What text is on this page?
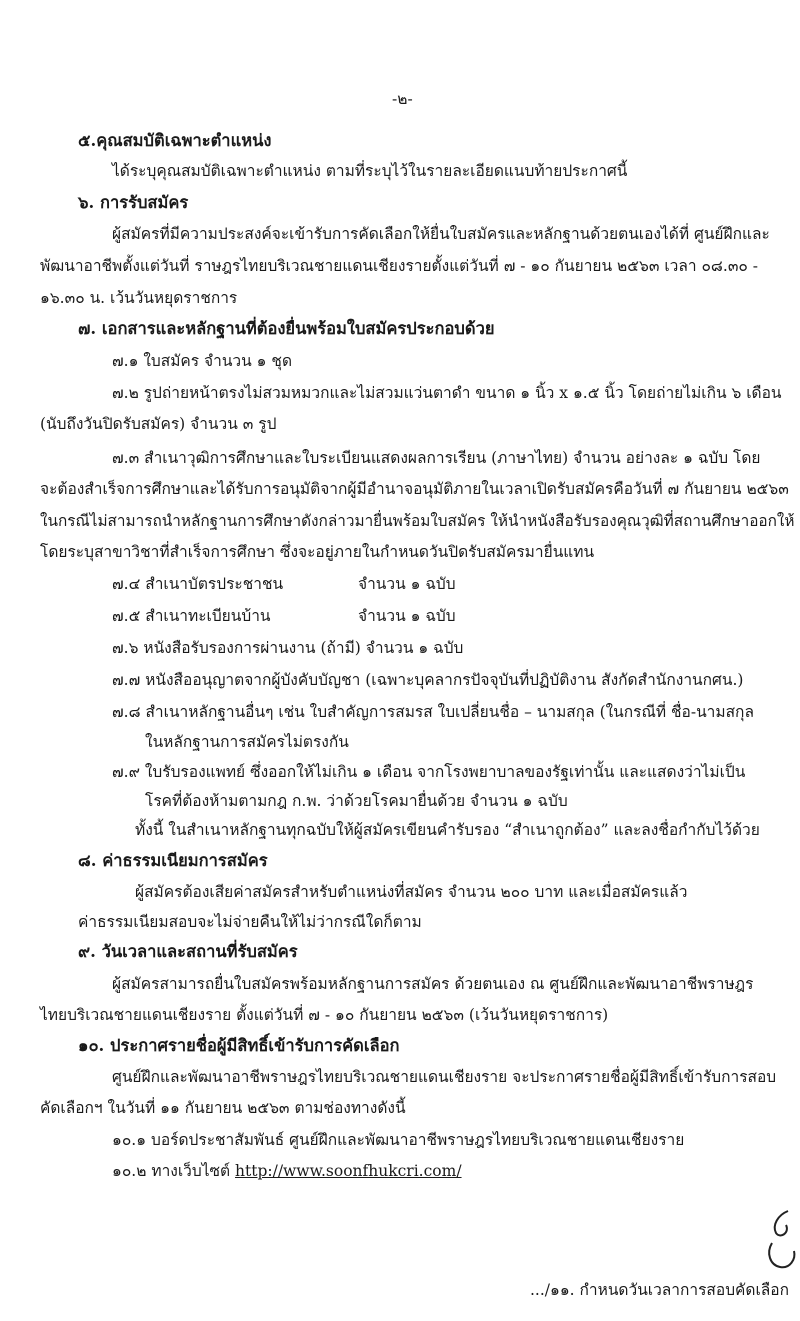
-๒-
๕.คุณสมบัติเฉพาะตำแหน่ง
ได้ระบุคุณสมบัติเฉพาะตำแหน่ง ตามที่ระบุไว้ในรายละเอียดแนบท้ายประกาศนี้
๖. การรับสมัคร
ผู้สมัครที่มีความประสงค์จะเข้ารับการคัดเลือกให้ยื่นใบสมัครและหลักฐานด้วยตนเองได้ที่ ศูนย์ฝึกและ
พัฒนาอาชีพตั้งแต่วันที่ ราษฎรไทยบริเวณชายแดนเชียงรายตั้งแต่วันที่ ๗ - ๑๐ กันยายน ๒๕๖๓ เวลา ๐๘.๓๐ -
๑๖.๓๐ น. เว้นวันหยุดราชการ
๗. เอกสารและหลักฐานที่ต้องยื่นพร้อมใบสมัครประกอบด้วย
๗.๑ ใบสมัคร จำนวน ๑ ชุด
๗.๒ รูปถ่ายหน้าตรงไม่สวมหมวกและไม่สวมแว่นตาดำ ขนาด ๑ นิ้ว x ๑.๕ นิ้ว โดยถ่ายไม่เกิน ๖ เดือน
(นับถึงวันปิดรับสมัคร) จำนวน ๓ รูป
๗.๓ สำเนาวุฒิการศึกษาและใบระเบียนแสดงผลการเรียน (ภาษาไทย) จำนวน อย่างละ ๑ ฉบับ โดย
จะต้องสำเร็จการศึกษาและได้รับการอนุมัติจากผู้มีอำนาจอนุมัติภายในเวลาเปิดรับสมัครคือวันที่ ๗ กันยายน ๒๕๖๓
ในกรณีไม่สามารถนำหลักฐานการศึกษาดังกล่าวมายื่นพร้อมใบสมัคร ให้นำหนังสือรับรองคุณวุฒิที่สถานศึกษาออกให้
โดยระบุสาขาวิชาที่สำเร็จการศึกษา ซึ่งจะอยู่ภายในกำหนดวันปิดรับสมัครมายื่นแทน
๗.๔ สำเนาบัตรประชาชน	จำนวน ๑ ฉบับ
๗.๕ สำเนาทะเบียนบ้าน	จำนวน ๑ ฉบับ
๗.๖ หนังสือรับรองการผ่านงาน (ถ้ามี) จำนวน ๑ ฉบับ
๗.๗ หนังสืออนุญาตจากผู้บังคับบัญชา (เฉพาะบุคลากรปัจจุบันที่ปฏิบัติงาน สังกัดสำนักงานกศน.)
๗.๘ สำเนาหลักฐานอื่นๆ เช่น ใบสำคัญการสมรส ใบเปลี่ยนชื่อ – นามสกุล (ในกรณีที่ ชื่อ-นามสกุล
ในหลักฐานการสมัครไม่ตรงกัน
๗.๙ ใบรับรองแพทย์ ซึ่งออกให้ไม่เกิน ๑ เดือน จากโรงพยาบาลของรัฐเท่านั้น และแสดงว่าไม่เป็น
โรคที่ต้องห้ามตามกฎ ก.พ. ว่าด้วยโรคมายื่นด้วย จำนวน ๑ ฉบับ
ทั้งนี้ ในสำเนาหลักฐานทุกฉบับให้ผู้สมัครเขียนคำรับรอง “สำเนาถูกต้อง” และลงชื่อกำกับไว้ด้วย
๘. ค่าธรรมเนียมการสมัคร
ผู้สมัครต้องเสียค่าสมัครสำหรับตำแหน่งที่สมัคร จำนวน ๒๐๐ บาท และเมื่อสมัครแล้ว
ค่าธรรมเนียมสอบจะไม่จ่ายคืนให้ไม่ว่ากรณีใดก็ตาม
๙. วันเวลาและสถานที่รับสมัคร
ผู้สมัครสามารถยื่นใบสมัครพร้อมหลักฐานการสมัคร ด้วยตนเอง ณ ศูนย์ฝึกและพัฒนาอาชีพราษฎร
ไทยบริเวณชายแดนเชียงราย ตั้งแต่วันที่ ๗ - ๑๐ กันยายน ๒๕๖๓ (เว้นวันหยุดราชการ)
๑๐. ประกาศรายชื่อผู้มีสิทธิ์เข้ารับการคัดเลือก
ศูนย์ฝึกและพัฒนาอาชีพราษฎรไทยบริเวณชายแดนเชียงราย จะประกาศรายชื่อผู้มีสิทธิ์เข้ารับการสอบ
คัดเลือกฯ ในวันที่ ๑๑ กันยายน ๒๕๖๓ ตามช่องทางดังนี้
๑๐.๑ บอร์ดประชาสัมพันธ์ ศูนย์ฝึกและพัฒนาอาชีพราษฎรไทยบริเวณชายแดนเชียงราย
๑๐.๒ ทางเว็บไซต์ http://www.soonfhukcri.com/
.../๑๑. กำหนดวันเวลาการสอบคัดเลือก
